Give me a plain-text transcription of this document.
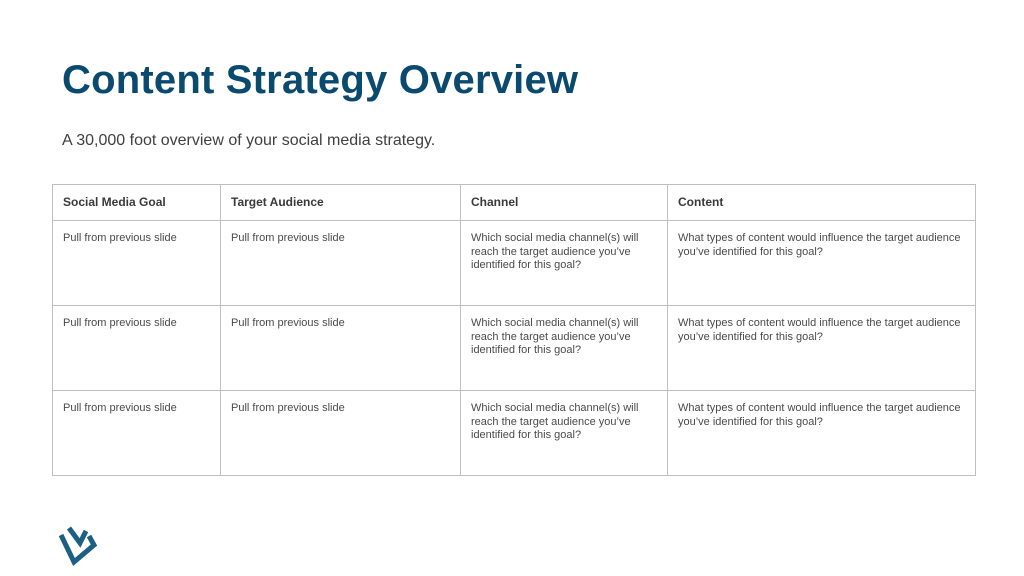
Content Strategy Overview

A 30,000 foot overview of your social media strategy.

Social Media Goal	Target Audience	Channel	Content
Pull from previous slide	Pull from previous slide	Which social media channel(s) will reach the target audience you’ve identified for this goal?	What types of content would influence the target audience you’ve identified for this goal?
Pull from previous slide	Pull from previous slide	Which social media channel(s) will reach the target audience you’ve identified for this goal?	What types of content would influence the target audience you’ve identified for this goal?
Pull from previous slide	Pull from previous slide	Which social media channel(s) will reach the target audience you’ve identified for this goal?	What types of content would influence the target audience you’ve identified for this goal?
